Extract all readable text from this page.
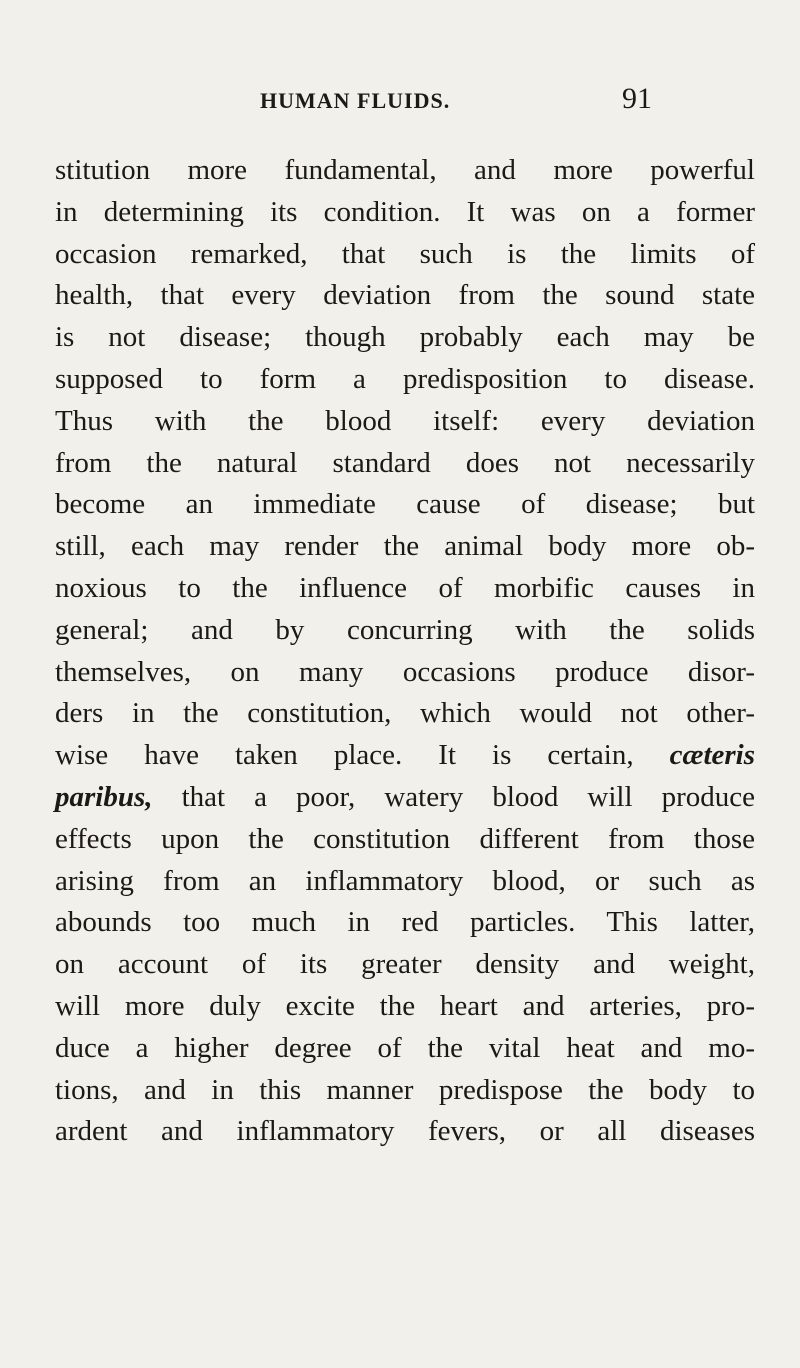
HUMAN FLUIDS.	91
stitution more fundamental, and more powerful
in determining its condition. It was on a former
occasion remarked, that such is the limits of
health, that every deviation from the sound state
is not disease; though probably each may be
supposed to form a predisposition to disease.
Thus with the blood itself: every deviation
from the natural standard does not necessarily
become an immediate cause of disease; but
still, each may render the animal body more ob-
noxious to the influence of morbific causes in
general; and by concurring with the solids
themselves, on many occasions produce disor-
ders in the constitution, which would not other-
wise have taken place. It is certain, cæteris
paribus, that a poor, watery blood will produce
effects upon the constitution different from those
arising from an inflammatory blood, or such as
abounds too much in red particles. This latter,
on account of its greater density and weight,
will more duly excite the heart and arteries, pro-
duce a higher degree of the vital heat and mo-
tions, and in this manner predispose the body to
ardent and inflammatory fevers, or all diseases
